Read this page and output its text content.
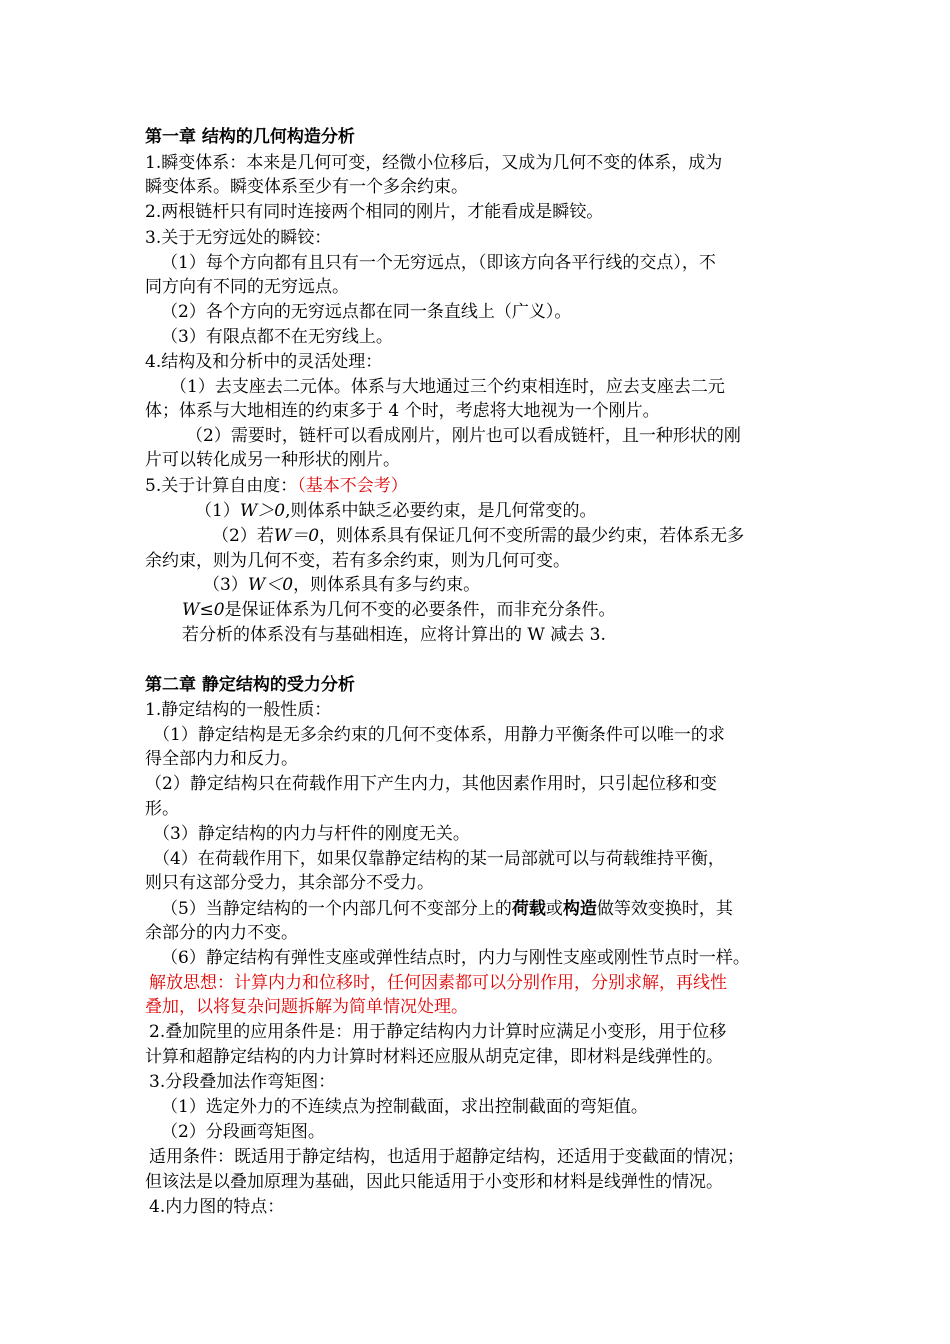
第一章 结构的几何构造分析
1.瞬变体系：本来是几何可变，经微小位移后，又成为几何不变的体系，成为
瞬变体系。瞬变体系至少有一个多余约束。
2.两根链杆只有同时连接两个相同的刚片，才能看成是瞬铰。
3.关于无穷远处的瞬铰：
（1）每个方向都有且只有一个无穷远点，（即该方向各平行线的交点），不
同方向有不同的无穷远点。
（2）各个方向的无穷远点都在同一条直线上（广义）。
（3）有限点都不在无穷线上。
4.结构及和分析中的灵活处理：
（1）去支座去二元体。体系与大地通过三个约束相连时，应去支座去二元
体；体系与大地相连的约束多于 4 个时，考虑将大地视为一个刚片。
（2）需要时，链杆可以看成刚片，刚片也可以看成链杆，且一种形状的刚
片可以转化成另一种形状的刚片。
5.关于计算自由度：（基本不会考）
（1）W＞0,则体系中缺乏必要约束，是几何常变的。
（2）若W＝0，则体系具有保证几何不变所需的最少约束，若体系无多
余约束，则为几何不变，若有多余约束，则为几何可变。
（3）W＜0，则体系具有多与约束。
W≤0是保证体系为几何不变的必要条件，而非充分条件。
若分析的体系没有与基础相连，应将计算出的 W 减去 3.
第二章 静定结构的受力分析
1.静定结构的一般性质：
（1）静定结构是无多余约束的几何不变体系，用静力平衡条件可以唯一的求
得全部内力和反力。
（2）静定结构只在荷载作用下产生内力，其他因素作用时，只引起位移和变
形。
（3）静定结构的内力与杆件的刚度无关。
（4）在荷载作用下，如果仅靠静定结构的某一局部就可以与荷载维持平衡，
则只有这部分受力，其余部分不受力。
（5）当静定结构的一个内部几何不变部分上的荷载或构造做等效变换时，其
余部分的内力不变。
（6）静定结构有弹性支座或弹性结点时，内力与刚性支座或刚性节点时一样。
解放思想：计算内力和位移时，任何因素都可以分别作用，分别求解，再线性
叠加，以将复杂问题拆解为简单情况处理。
2.叠加院里的应用条件是：用于静定结构内力计算时应满足小变形，用于位移
计算和超静定结构的内力计算时材料还应服从胡克定律，即材料是线弹性的。
3.分段叠加法作弯矩图：
（1）选定外力的不连续点为控制截面，求出控制截面的弯矩值。
（2）分段画弯矩图。
适用条件：既适用于静定结构，也适用于超静定结构，还适用于变截面的情况；
但该法是以叠加原理为基础，因此只能适用于小变形和材料是线弹性的情况。
4.内力图的特点：
